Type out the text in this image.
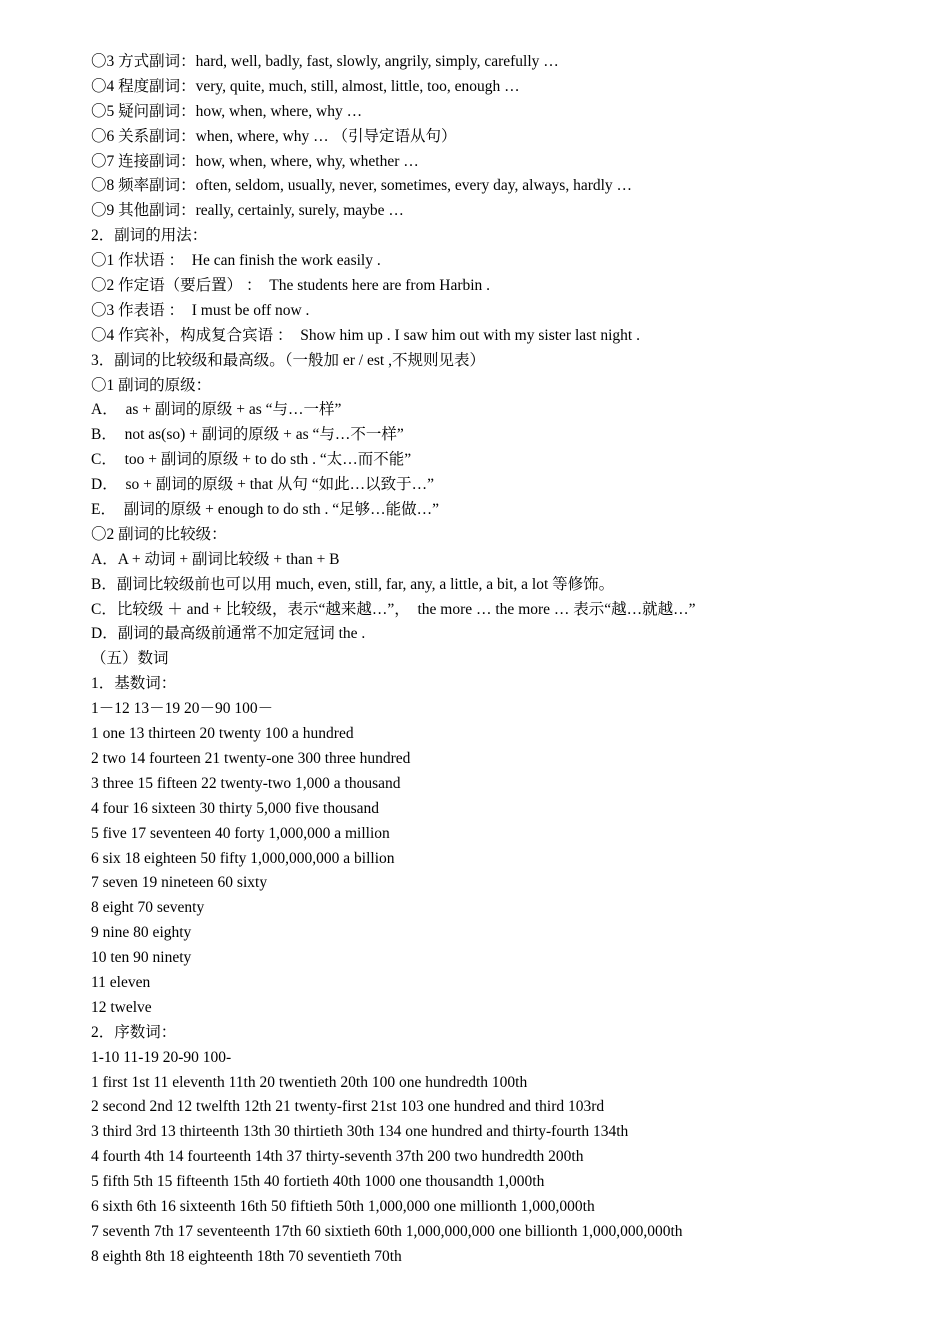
〇3 方式副词：hard, well, badly, fast, slowly, angrily, simply, carefully …
〇4 程度副词：very, quite, much, still, almost, little, too, enough …
〇5 疑问副词：how, when, where, why …
〇6 关系副词：when, where, why … （引导定语从句）
〇7 连接副词：how, when, where, why, whether …
〇8 频率副词：often, seldom, usually, never, sometimes, every day, always, hardly …
〇9 其他副词：really, certainly, surely, maybe …
2．副词的用法：
〇1 作状语 ：  He can finish the work easily .
〇2 作定语（要后置） ：  The students here are from Harbin .
〇3 作表语 ：  I must be off now .
〇4 作宾补，构成复合宾语 ：  Show him up . I saw him out with my sister last night .
3．副词的比较级和最高级。（一般加 er / est ,不规则见表）
〇1 副词的原级：
A．  as + 副词的原级 + as “与…一样”
B．  not as(so) + 副词的原级 + as “与…不一样”
C．  too + 副词的原级 + to do sth . “太…而不能”
D．  so + 副词的原级 + that 从句 “如此…以致于…”
E．  副词的原级 + enough to do sth . “足够…能做…”
〇2 副词的比较级：
A．A + 动词 + 副词比较级 + than + B
B．副词比较级前也可以用 much, even, still, far, any, a little, a bit, a lot 等修饰。
C．比较级 ＋ and + 比较级，表示“越来越…”，  the more … the more … 表示“越…就越…”
D．副词的最高级前通常不加定冠词 the .
（五）数词
1．基数词：
1－12 13－19 20－90 100－
1 one 13 thirteen 20 twenty 100 a hundred
2 two 14 fourteen 21 twenty-one 300 three hundred
3 three 15 fifteen 22 twenty-two 1,000 a thousand
4 four 16 sixteen 30 thirty 5,000 five thousand
5 five 17 seventeen 40 forty 1,000,000 a million
6 six 18 eighteen 50 fifty 1,000,000,000 a billion
7 seven 19 nineteen 60 sixty
8 eight 70 seventy
9 nine 80 eighty
10 ten 90 ninety
11 eleven
12 twelve
2．序数词：
1-10 11-19 20-90 100-
1 first 1st 11 eleventh 11th 20 twentieth 20th 100 one hundredth 100th
2 second 2nd 12 twelfth 12th 21 twenty-first 21st 103 one hundred and third 103rd
3 third 3rd 13 thirteenth 13th 30 thirtieth 30th 134 one hundred and thirty-fourth 134th
4 fourth 4th 14 fourteenth 14th 37 thirty-seventh 37th 200 two hundredth 200th
5 fifth 5th 15 fifteenth 15th 40 fortieth 40th 1000 one thousandth 1,000th
6 sixth 6th 16 sixteenth 16th 50 fiftieth 50th 1,000,000 one millionth 1,000,000th
7 seventh 7th 17 seventeenth 17th 60 sixtieth 60th 1,000,000,000 one billionth 1,000,000,000th
8 eighth 8th 18 eighteenth 18th 70 seventieth 70th
